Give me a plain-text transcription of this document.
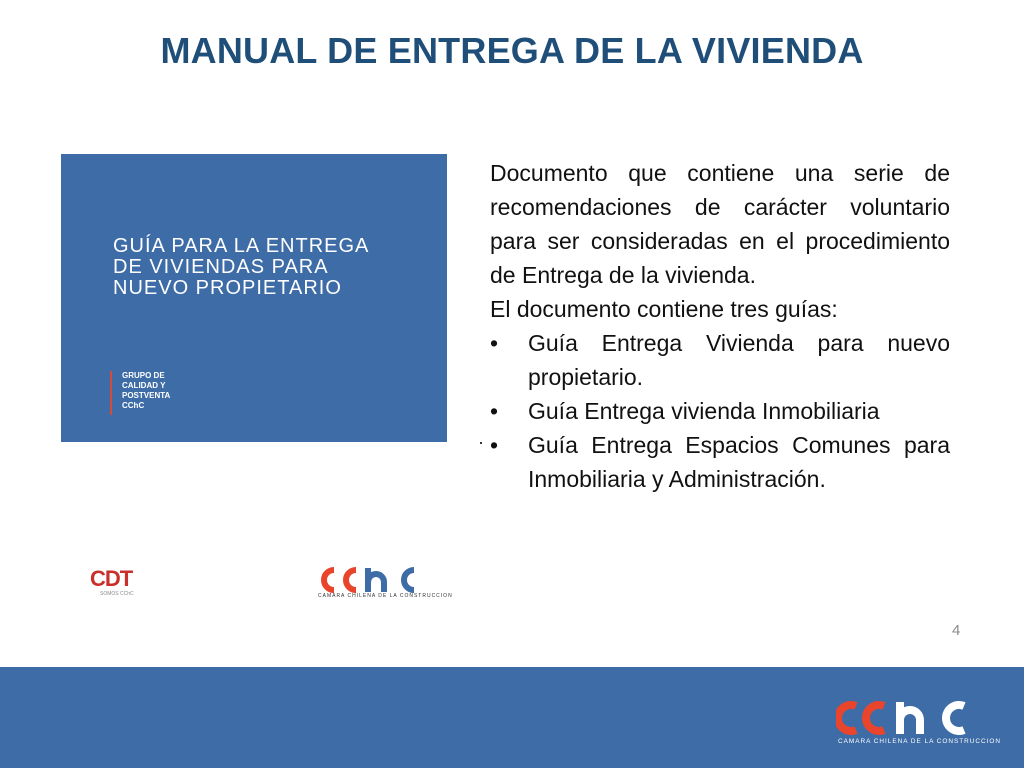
MANUAL DE ENTREGA DE LA VIVIENDA
GUÍA PARA LA ENTREGA
DE VIVIENDAS PARA
NUEVO PROPIETARIO
GRUPO DE
CALIDAD Y
POSTVENTA
CChC
Documento que contiene una serie de recomendaciones de carácter voluntario para ser consideradas en el procedimiento de Entrega de la vivienda.
El documento contiene tres guías:
• Guía Entrega Vivienda para nuevo propietario.
• Guía Entrega vivienda Inmobiliaria
• Guía Entrega Espacios Comunes para Inmobiliaria y Administración.
·
CDT
SOMOS CChC	CAMARA CHILENA DE LA CONSTRUCCION
4
CAMARA CHILENA DE LA CONSTRUCCION
